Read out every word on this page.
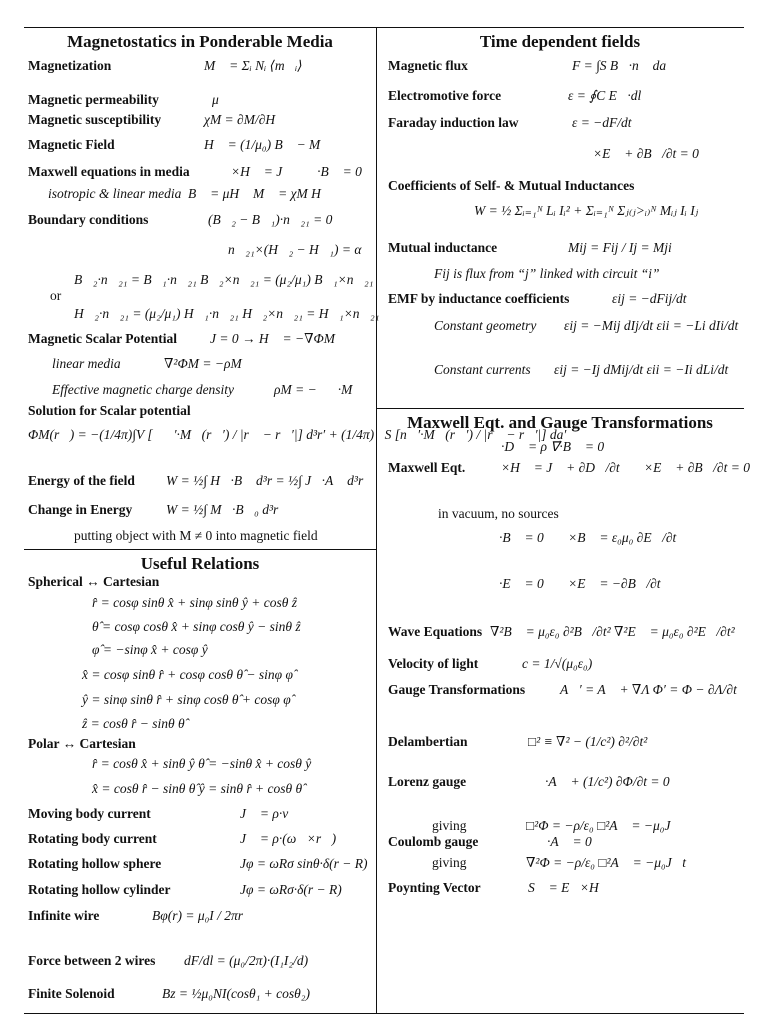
Magnetostatics in Ponderable Media
Magnetization	M⃗ = Σᵢ Nᵢ ⟨m⃗ᵢ⟩
Magnetic permeability	μ
Magnetic susceptibility	χM = ∂M/∂H
Magnetic Field	H⃗ = (1/μ₀) B⃗ − M⃗
Maxwell equations in media ∇⃗×H⃗ = J⃗ ∇⃗·B⃗ = 0
isotropic & linear media B⃗ = μH⃗ M⃗ = χM H⃗
Boundary conditions	(B⃗₂ − B⃗₁)·n⃗₂₁ = 0
n⃗₂₁×(H⃗₂ − H⃗₁) = α⃗
B⃗₂·n⃗₂₁ = B⃗₁·n⃗₂₁ B⃗₂×n⃗₂₁ = (μ₂/μ₁) B⃗₁×n⃗₂₁
or
H⃗₂·n⃗₂₁ = (μ₂/μ₁) H⃗₁·n⃗₂₁ H⃗₂×n⃗₂₁ = H⃗₁×n⃗₂₁
Magnetic Scalar Potential J = 0 → H⃗ = −∇ΦM
linear media	∇²ΦM = −ρM
Effective magnetic charge density	ρM = −∇⃗·M⃗
Solution for Scalar potential
ΦM(r⃗) = −(1/4π)∫V [∇⃗′·M⃗(r⃗′) / |r⃗ − r⃗′|] d³r′ + (1/4π)∮S [n⃗′·M⃗(r⃗′) / |r⃗ − r⃗′|] da′
Energy of the field W = ½∫ H⃗·B⃗ d³r = ½∫ J⃗·A⃗ d³r
Change in Energy W = ½∫ M⃗·B⃗₀ d³r
putting object with M ≠ 0 into magnetic field
Useful Relations
Spherical ↔ Cartesian
r̂ = cosφ sinθ x̂ + sinφ sinθ ŷ + cosθ ẑ
θ̂ = cosφ cosθ x̂ + sinφ cosθ ŷ − sinθ ẑ
φ̂ = −sinφ x̂ + cosφ ŷ
x̂ = cosφ sinθ r̂ + cosφ cosθ θ̂ − sinφ φ̂
ŷ = sinφ sinθ r̂ + sinφ cosθ θ̂ + cosφ φ̂
ẑ = cosθ r̂ − sinθ θ̂
Polar ↔ Cartesian
r̂ = cosθ x̂ + sinθ ŷ θ̂ = −sinθ x̂ + cosθ ŷ
x̂ = cosθ r̂ − sinθ θ̂ ŷ = sinθ r̂ + cosθ θ̂
Moving body current	J⃗ = ρ·v⃗
Rotating body current	J⃗ = ρ·(ω⃗×r⃗)
Rotating hollow sphere	Jφ = ωRσ sinθ·δ(r − R)
Rotating hollow cylinder	Jφ = ωRσ·δ(r − R)
Infinite wire	Bφ(r) = μ₀I / 2πr
Force between 2 wires dF/dl = (μ₀/2π)·(I₁I₂/d)
Finite Solenoid	Bz = ½μ₀NI(cosθ₁ + cosθ₂)
Time dependent fields
Magnetic flux	F = ∫S B⃗·n⃗ da
Electromotive force	ε = ∮C E⃗·dl⃗
Faraday induction law	ε = −dF/dt
∇⃗×E⃗ + ∂B⃗/∂t = 0
Coefficients of Self- & Mutual Inductances
W = ½ Σᵢ₌₁ᴺ Lᵢ Iᵢ² + Σᵢ₌₁ᴺ Σⱼ₍ⱼ>ᵢ₎ᴺ Mᵢⱼ Iᵢ Iⱼ
Mutual inductance	Mij = Fij / Ij = Mji
Fij is flux from “j” linked with circuit “i”
EMF by inductance coefficients	εij = −dFij/dt
Constant geometry εij = −Mij dIj/dt εii = −Li dIi/dt
Constant currents εij = −Ij dMij/dt εii = −Ii dLi/dt
Maxwell Eqt. and Gauge Transformations
∇⃗·D⃗ = ρ ∇⃗·B⃗ = 0
Maxwell Eqt. ∇⃗×H⃗ = J⃗ + ∂D⃗/∂t ∇⃗×E⃗ + ∂B⃗/∂t = 0
in vacuum, no sources
∇⃗·B⃗ = 0 ∇⃗×B⃗ = ε₀μ₀ ∂E⃗/∂t
∇⃗·E⃗ = 0 ∇⃗×E⃗ = −∂B⃗/∂t
Wave Equations ∇²B⃗ = μ₀ε₀ ∂²B⃗/∂t² ∇²E⃗ = μ₀ε₀ ∂²E⃗/∂t²
Velocity of light	c = 1/√(μ₀ε₀)
Gauge Transformations	A⃗′ = A⃗ + ∇Λ Φ′ = Φ − ∂Λ/∂t
Delambertian	□² ≡ ∇² − (1/c²) ∂²/∂t²
Lorenz gauge	∇⃗·A⃗ + (1/c²) ∂Φ/∂t = 0
giving	□²Φ = −ρ/ε₀ □²A⃗ = −μ₀J⃗
Coulomb gauge	∇⃗·A⃗ = 0
giving	∇²Φ = −ρ/ε₀ □²A⃗ = −μ₀J⃗t
Poynting Vector	S⃗ = E⃗×H⃗
